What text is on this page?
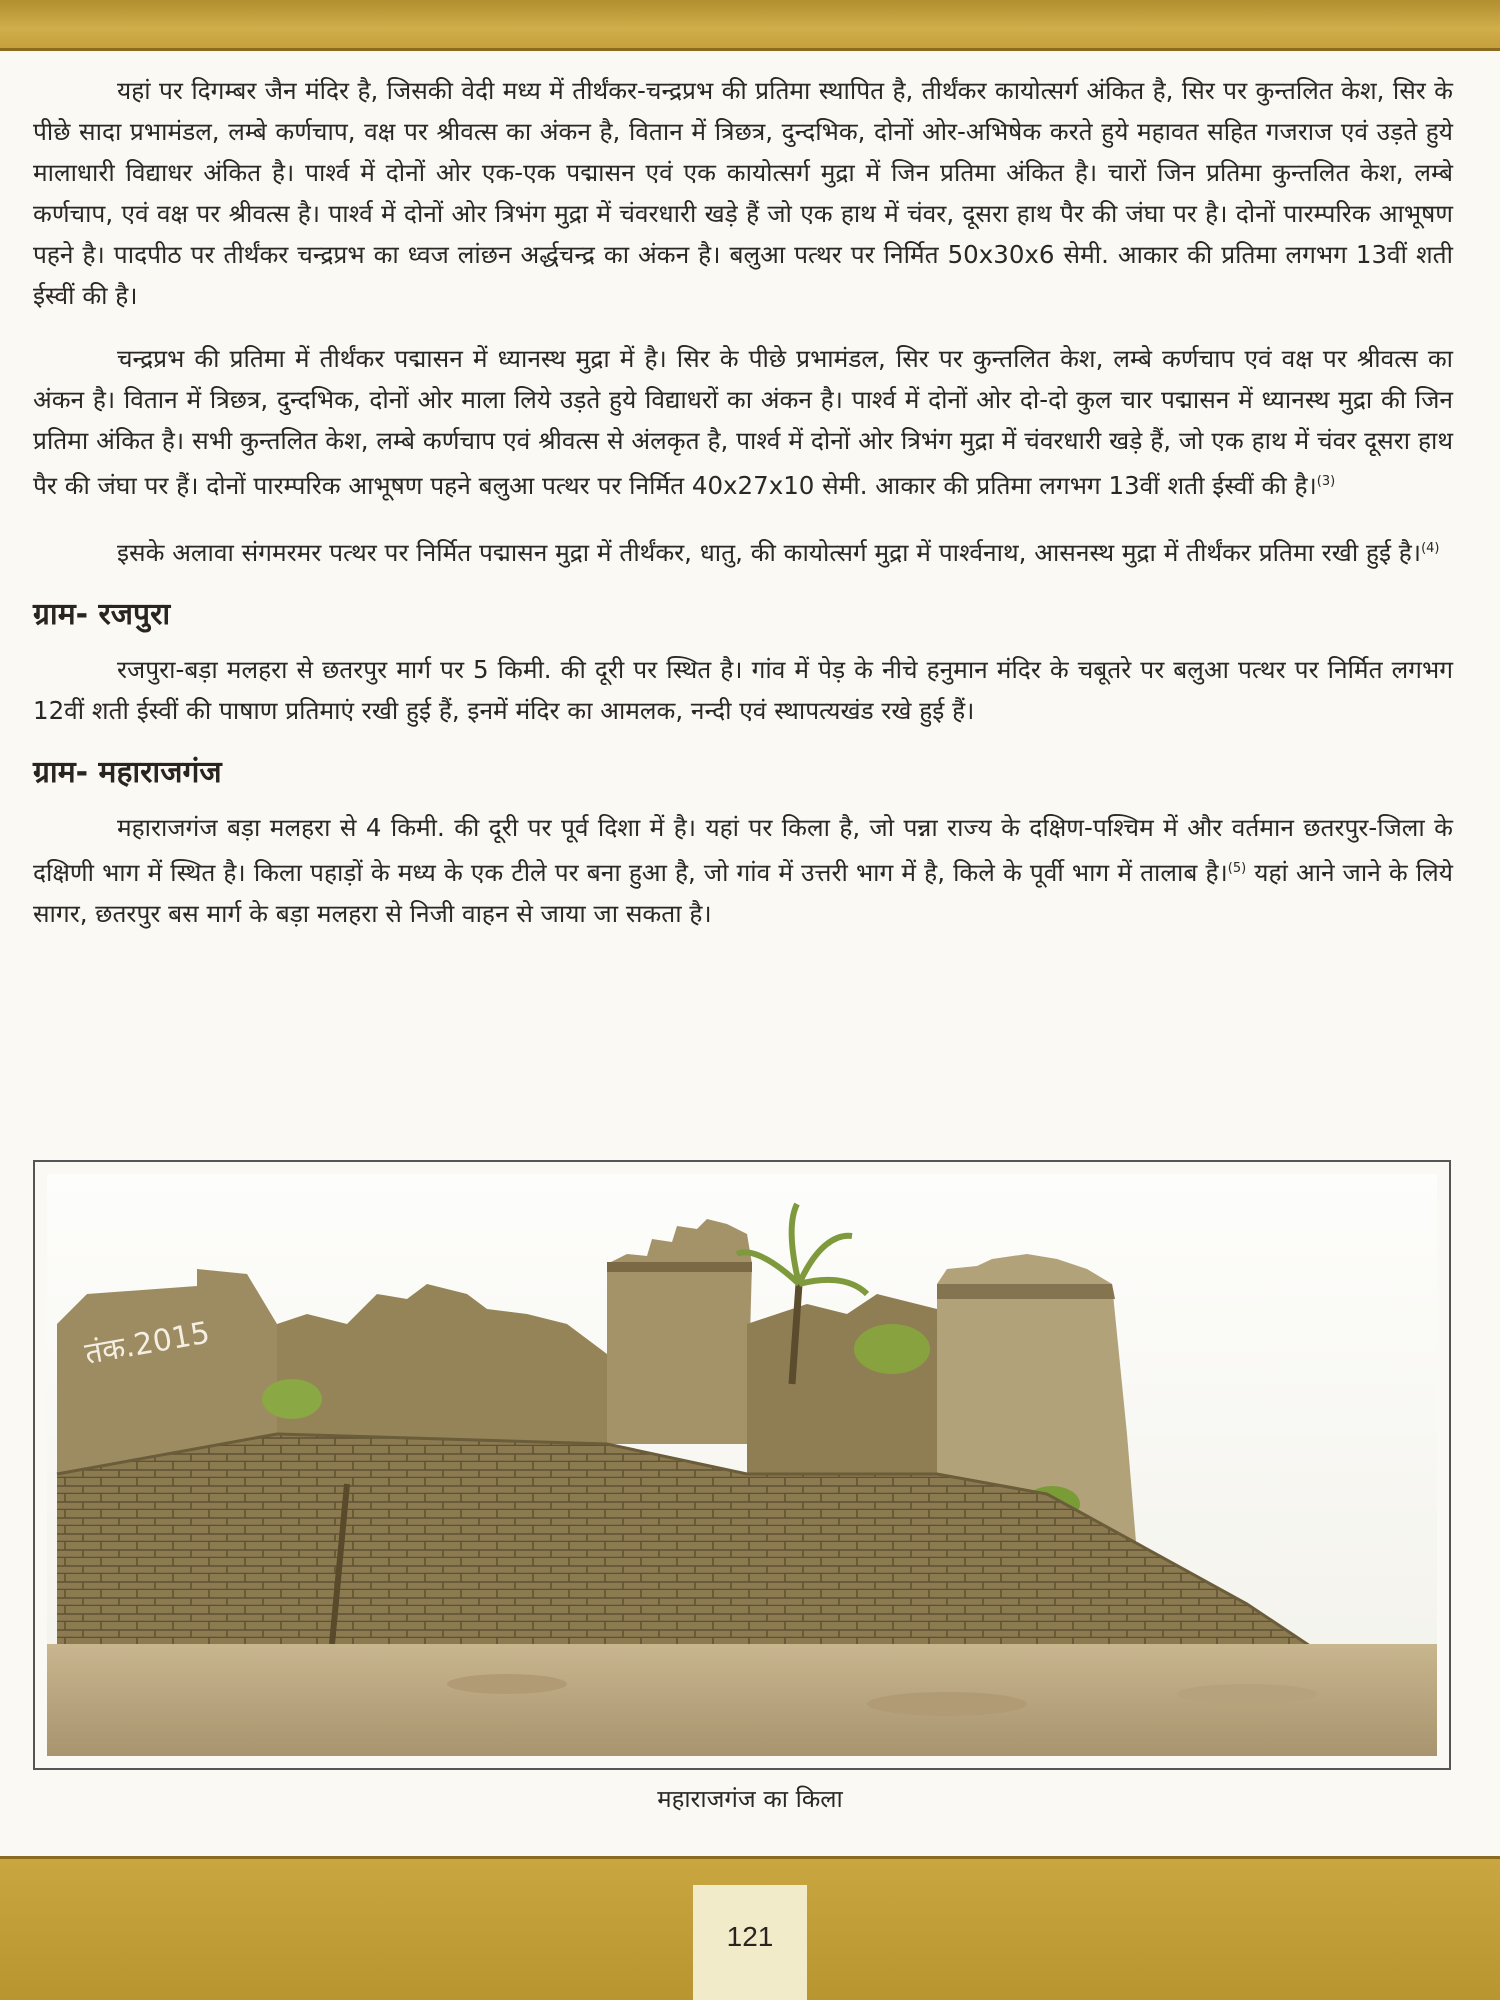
यहां पर दिगम्बर जैन मंदिर है, जिसकी वेदी मध्य में तीर्थंकर-चन्द्रप्रभ की प्रतिमा स्थापित है, तीर्थंकर कायोत्सर्ग अंकित है, सिर पर कुन्तलित केश, सिर के पीछे सादा प्रभामंडल, लम्बे कर्णचाप, वक्ष पर श्रीवत्स का अंकन है, वितान में त्रिछत्र, दुन्दभिक, दोनों ओर-अभिषेक करते हुये महावत सहित गजराज एवं उड़ते हुये मालाधारी विद्याधर अंकित है। पार्श्व में दोनों ओर एक-एक पद्मासन एवं एक कायोत्सर्ग मुद्रा में जिन प्रतिमा अंकित है। चारों जिन प्रतिमा कुन्तलित केश, लम्बे कर्णचाप, एवं वक्ष पर श्रीवत्स है। पार्श्व में दोनों ओर त्रिभंग मुद्रा में चंवरधारी खड़े हैं जो एक हाथ में चंवर, दूसरा हाथ पैर की जंघा पर है। दोनों पारम्परिक आभूषण पहने है। पादपीठ पर तीर्थंकर चन्द्रप्रभ का ध्वज लांछन अर्द्धचन्द्र का अंकन है। बलुआ पत्थर पर निर्मित 50x30x6 सेमी. आकार की प्रतिमा लगभग 13वीं शती ईस्वीं की है।

चन्द्रप्रभ की प्रतिमा में तीर्थंकर पद्मासन में ध्यानस्थ मुद्रा में है। सिर के पीछे प्रभामंडल, सिर पर कुन्तलित केश, लम्बे कर्णचाप एवं वक्ष पर श्रीवत्स का अंकन है। वितान में त्रिछत्र, दुन्दभिक, दोनों ओर माला लिये उड़ते हुये विद्याधरों का अंकन है। पार्श्व में दोनों ओर दो-दो कुल चार पद्मासन में ध्यानस्थ मुद्रा की जिन प्रतिमा अंकित है। सभी कुन्तलित केश, लम्बे कर्णचाप एवं श्रीवत्स से अंलकृत है, पार्श्व में दोनों ओर त्रिभंग मुद्रा में चंवरधारी खड़े हैं, जो एक हाथ में चंवर दूसरा हाथ पैर की जंघा पर हैं। दोनों पारम्परिक आभूषण पहने बलुआ पत्थर पर निर्मित 40x27x10 सेमी. आकार की प्रतिमा लगभग 13वीं शती ईस्वीं की है।$^{(3)}$

इसके अलावा संगमरमर पत्थर पर निर्मित पद्मासन मुद्रा में तीर्थंकर, धातु, की कायोत्सर्ग मुद्रा में पार्श्वनाथ, आसनस्थ मुद्रा में तीर्थंकर प्रतिमा रखी हुई है।$^{(4)}$

ग्राम- रजपुरा

रजपुरा-बड़ा मलहरा से छतरपुर मार्ग पर 5 किमी. की दूरी पर स्थित है। गांव में पेड़ के नीचे हनुमान मंदिर के चबूतरे पर बलुआ पत्थर पर निर्मित लगभग 12वीं शती ईस्वीं की पाषाण प्रतिमाएं रखी हुई हैं, इनमें मंदिर का आमलक, नन्दी एवं स्थापत्यखंड रखे हुई हैं।

ग्राम- महाराजगंज

महाराजगंज बड़ा मलहरा से 4 किमी. की दूरी पर पूर्व दिशा में है। यहां पर किला है, जो पन्ना राज्य के दक्षिण-पश्चिम में और वर्तमान छतरपुर-जिला के दक्षिणी भाग में स्थित है। किला पहाड़ों के मध्य के एक टीले पर बना हुआ है, जो गांव में उत्तरी भाग में है, किले के पूर्वी भाग में तालाब है।$^{(5)}$ यहां आने जाने के लिये सागर, छतरपुर बस मार्ग के बड़ा मलहरा से निजी वाहन से जाया जा सकता है।

तंक.2015
महाराजगंज का किला
121
